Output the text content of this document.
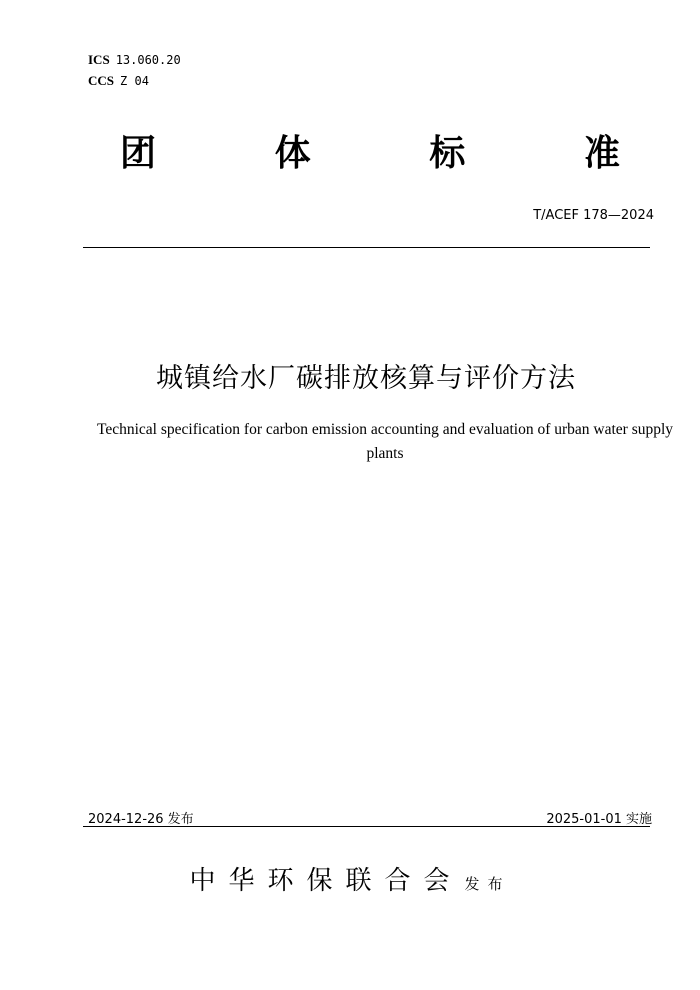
ICS 13.060.20
CCS Z 04
团	体	标	准
T/ACEF 178—2024
城镇给水厂碳排放核算与评价方法
Technical specification for carbon emission accounting and evaluation of urban water supply plants
2024-12-26 发布	2025-01-01 实施
中华环保联合会 发布
